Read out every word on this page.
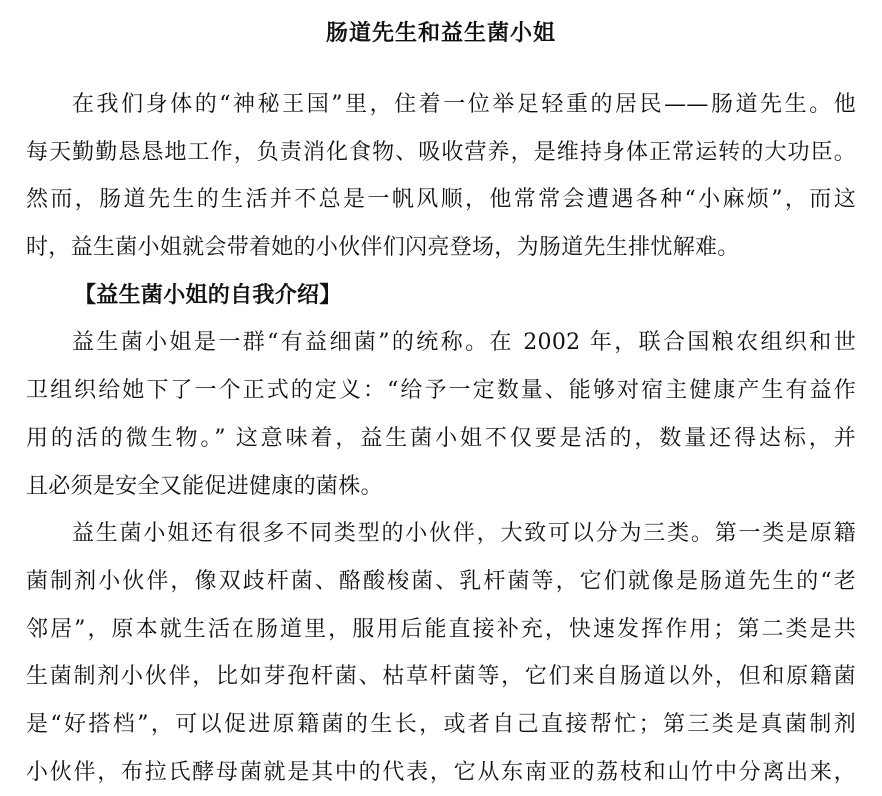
肠道先生和益生菌小姐
在我们身体的“神秘王国”里，住着一位举足轻重的居民——肠道先生。他
每天勤勤恳恳地工作，负责消化食物、吸收营养，是维持身体正常运转的大功臣。
然而，肠道先生的生活并不总是一帆风顺，他常常会遭遇各种“小麻烦”，而这
时，益生菌小姐就会带着她的小伙伴们闪亮登场，为肠道先生排忧解难。
【益生菌小姐的自我介绍】
益生菌小姐是一群“有益细菌”的统称。在 2002 年，联合国粮农组织和世
卫组织给她下了一个正式的定义：“给予一定数量、能够对宿主健康产生有益作
用的活的微生物。” 这意味着，益生菌小姐不仅要是活的，数量还得达标，并
且必须是安全又能促进健康的菌株。
益生菌小姐还有很多不同类型的小伙伴，大致可以分为三类。第一类是原籍
菌制剂小伙伴，像双歧杆菌、酪酸梭菌、乳杆菌等，它们就像是肠道先生的“老
邻居”，原本就生活在肠道里，服用后能直接补充，快速发挥作用；第二类是共
生菌制剂小伙伴，比如芽孢杆菌、枯草杆菌等，它们来自肠道以外，但和原籍菌
是“好搭档”，可以促进原籍菌的生长，或者自己直接帮忙；第三类是真菌制剂
小伙伴，布拉氏酵母菌就是其中的代表，它从东南亚的荔枝和山竹中分离出来，
